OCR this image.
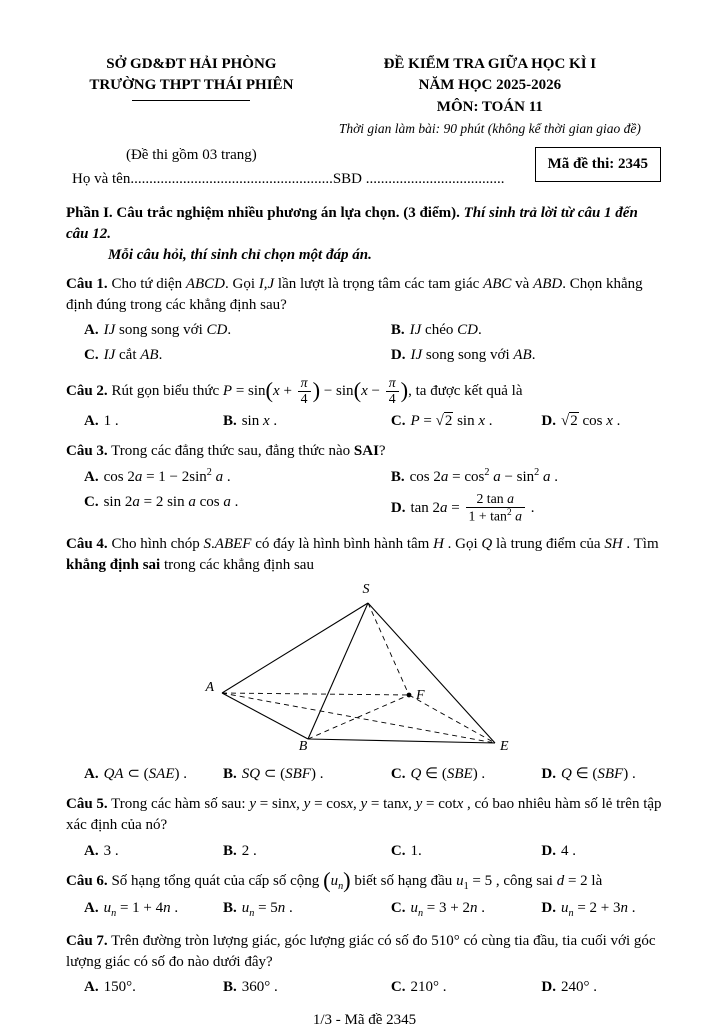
SỞ GD&ĐT HẢI PHÒNG
TRƯỜNG THPT THÁI PHIÊN
ĐỀ KIỂM TRA GIỮA HỌC KÌ I
NĂM HỌC 2025-2026
MÔN: TOÁN 11
Thời gian làm bài: 90 phút (không kể thời gian giao đề)
(Đề thi gồm 03 trang)
Họ và tên......................................................SBD .....................................
Mã đề thi: 2345

Phần I. Câu trắc nghiệm nhiều phương án lựa chọn. (3 điểm). Thí sinh trả lời từ câu 1 đến câu 12.
Mỗi câu hỏi, thí sinh chỉ chọn một đáp án.

Câu 1. Cho tứ diện ABCD. Gọi I,J lần lượt là trọng tâm các tam giác ABC và ABD. Chọn khẳng định đúng trong các khẳng định sau?

A. IJ song song với CD.	B. IJ chéo CD.
C. IJ cắt AB.	D. IJ song song với AB.

Câu 2. Rút gọn biểu thức $P = \sin(x + \frac{\pi}{4}$ ) − $\sin(x - \frac{\pi}{4}$ ), ta được kết quả là

A. 1 .	B. sin x .	C. P = √2 sin x .	D. √2 cos x .

Câu 3. Trong các đẳng thức sau, đẳng thức nào SAI?

A. $\cos 2a = 1 - 2\sin^2$ a .	B. $\cos 2a = \cos^2 a - \sin^2 a$ .
C. sin 2a = 2 sin a cos a .	D. $\tan 2a = \frac{\text{2 tan a}}{1 + \tan^2 a}$ .

Câu 4. Cho hình chóp S.ABEF có đáy là hình bình hành tâm H . Gọi Q là trung điểm của SH . Tìm khẳng định sai trong các khẳng định sau

S
A
B	E
F
A. QA ⊂ (SAE) .	B. SQ ⊂ (SBF) .	C. Q ∈ (SBE) .	D. Q ∈ (SBF) .

Câu 5. Trong các hàm số sau: y = sinx, y = cosx, y = tanx, y = cotx , có bao nhiêu hàm số lẻ trên tập xác định của nó?

A. 3 .	B. 2 .	C. 1.	D. 4 .

Câu 6. Số hạng tổng quát của cấp số cộng $(u_n)$ biết số hạng đầu $u_1 = 5$ , công sai d = 2 là

A. $u_n = 1 + 4n$ .	B. $u_n = 5n$ .	C. $u_n = 3 + 2n$ .	D. $u_n = 2 + 3n$ .

Câu 7. Trên đường tròn lượng giác, góc lượng giác có số đo 510° có cùng tia đầu, tia cuối với góc lượng giác có số đo nào dưới đây?

A. 150°.	B. 360° .	C. 210° .	D. 240° .
1/3 - Mã đề 2345
